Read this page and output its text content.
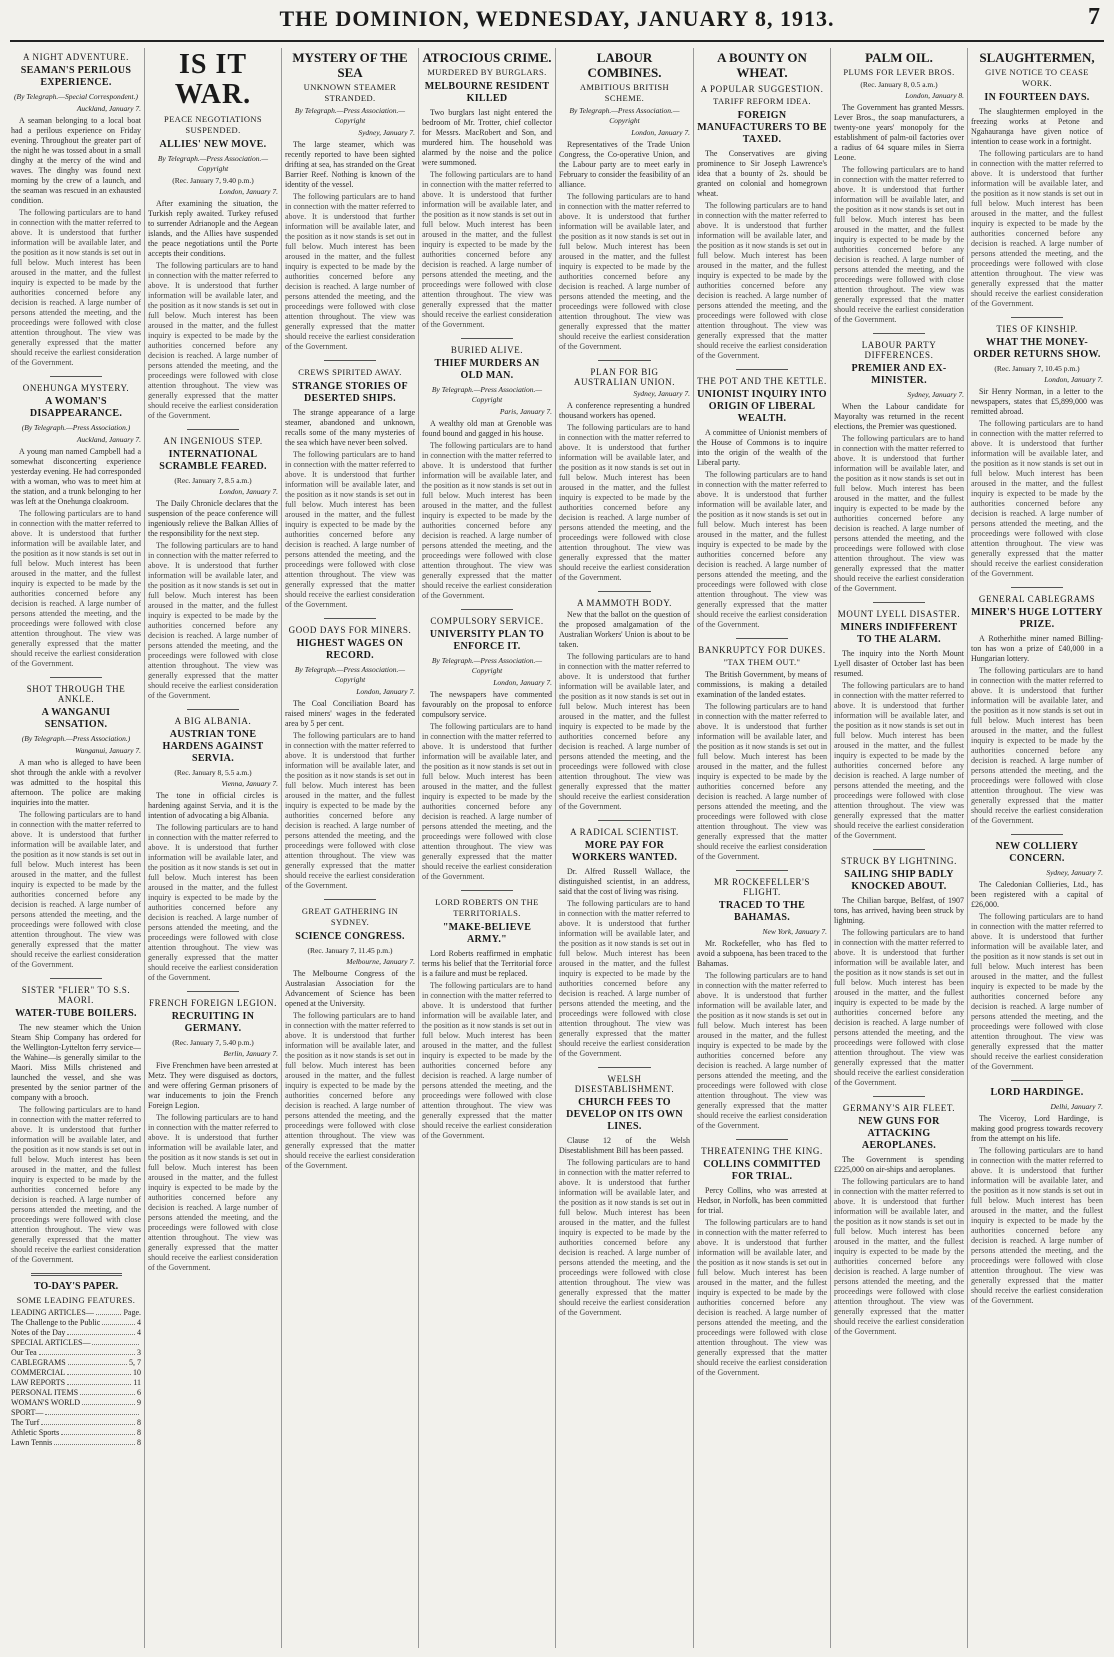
THE DOMINION, WEDNESDAY, JANUARY 8, 1913.	7
A NIGHT ADVENTURE.
SEAMAN'S PERILOUS EXPERIENCE.
(By Telegraph.—Special Correspondent.)
Auckland, January 7.
A seaman belonging to a local boat had a perilous experience on Friday evening. Throughout the greater part of the night he was tossed about in a small dinghy at the mercy of the wind and waves. The dinghy was found next morning by the crew of a launch, and the seaman was rescued in an exhausted condition.
The following particulars are to hand in connection with the matter referred to above. It is understood that further information will be available later, and the position as it now stands is set out in full below. Much interest has been aroused in the matter, and the fullest inquiry is expected to be made by the authorities concerned before any decision is reached. A large number of persons attended the meeting, and the proceedings were followed with close attention throughout. The view was generally expressed that the matter should receive the earliest consideration of the Government.
ONEHUNGA MYSTERY.
A WOMAN'S DISAPPEARANCE.
(By Telegraph.—Press Association.)
Auckland, January 7.
A young man named Campbell had a somewhat disconcerting experience yesterday evening. He had corresponded with a woman, who was to meet him at the station, and a trunk belonging to her was left at the Onehunga cloakroom.
The following particulars are to hand in connection with the matter referred to above. It is understood that further information will be available later, and the position as it now stands is set out in full below. Much interest has been aroused in the matter, and the fullest inquiry is expected to be made by the authorities concerned before any decision is reached. A large number of persons attended the meeting, and the proceedings were followed with close attention throughout. The view was generally expressed that the matter should receive the earliest consideration of the Government.
SHOT THROUGH THE ANKLE.
A WANGANUI SENSATION.
(By Telegraph.—Press Association.)
Wanganui, January 7.
A man who is alleged to have been shot through the ankle with a revolver was admitted to the hospital this afternoon. The police are making inquiries into the matter.
The following particulars are to hand in connection with the matter referred to above. It is understood that further information will be available later, and the position as it now stands is set out in full below. Much interest has been aroused in the matter, and the fullest inquiry is expected to be made by the authorities concerned before any decision is reached. A large number of persons attended the meeting, and the proceedings were followed with close attention throughout. The view was generally expressed that the matter should receive the earliest consideration of the Government.
SISTER "FLIER" TO S.S. MAORI.
WATER-TUBE BOILERS.
The new steamer which the Union Steam Ship Company has ordered for the Wellington-Lyttelton ferry service—the Wahine—is generally similar to the Maori. Miss Mills christened and launched the vessel, and she was presented by the senior partner of the company with a brooch.
The following particulars are to hand in connection with the matter referred to above. It is understood that further information will be available later, and the position as it now stands is set out in full below. Much interest has been aroused in the matter, and the fullest inquiry is expected to be made by the authorities concerned before any decision is reached. A large number of persons attended the meeting, and the proceedings were followed with close attention throughout. The view was generally expressed that the matter should receive the earliest consideration of the Government.
TO-DAY'S PAPER.
SOME LEADING FEATURES.
LEADING ARTICLES—	Page.
The Challenge to the Public	4
Notes of the Day	4
SPECIAL ARTICLES—
Our Tea	3
CABLEGRAMS	5, 7
COMMERCIAL	10
LAW REPORTS	11
PERSONAL ITEMS	6
WOMAN'S WORLD	9
SPORT—
The Turf	8
Athletic Sports	8
Lawn Tennis	8
IS IT WAR.
PEACE NEGOTIATIONS SUSPENDED.
ALLIES' NEW MOVE.
By Telegraph.—Press Association.—Copyright
(Rec. January 7, 9.40 p.m.)
London, January 7.
After examining the situation, the Turkish reply awaited. Turkey refused to surrender Adrianople and the Aegean islands, and the Allies have suspended the peace negotiations until the Porte accepts their conditions.
The following particulars are to hand in connection with the matter referred to above. It is understood that further information will be available later, and the position as it now stands is set out in full below. Much interest has been aroused in the matter, and the fullest inquiry is expected to be made by the authorities concerned before any decision is reached. A large number of persons attended the meeting, and the proceedings were followed with close attention throughout. The view was generally expressed that the matter should receive the earliest consideration of the Government.
AN INGENIOUS STEP.
INTERNATIONAL SCRAMBLE FEARED.
(Rec. January 7, 8.5 a.m.)
London, January 7.
The Daily Chronicle declares that the suspension of the peace conference will ingeniously relieve the Balkan Allies of the responsibility for the next step.
The following particulars are to hand in connection with the matter referred to above. It is understood that further information will be available later, and the position as it now stands is set out in full below. Much interest has been aroused in the matter, and the fullest inquiry is expected to be made by the authorities concerned before any decision is reached. A large number of persons attended the meeting, and the proceedings were followed with close attention throughout. The view was generally expressed that the matter should receive the earliest consideration of the Government.
A BIG ALBANIA.
AUSTRIAN TONE HARDENS AGAINST SERVIA.
(Rec. January 8, 5.5 a.m.)
Vienna, January 7.
The tone in official circles is hardening against Servia, and it is the intention of advocating a big Albania.
The following particulars are to hand in connection with the matter referred to above. It is understood that further information will be available later, and the position as it now stands is set out in full below. Much interest has been aroused in the matter, and the fullest inquiry is expected to be made by the authorities concerned before any decision is reached. A large number of persons attended the meeting, and the proceedings were followed with close attention throughout. The view was generally expressed that the matter should receive the earliest consideration of the Government.
FRENCH FOREIGN LEGION.
RECRUITING IN GERMANY.
(Rec. January 7, 5.40 p.m.)
Berlin, January 7.
Five Frenchmen have been arrested at Metz. They were disguised as doctors, and were offering German prisoners of war inducements to join the French Foreign Legion.
The following particulars are to hand in connection with the matter referred to above. It is understood that further information will be available later, and the position as it now stands is set out in full below. Much interest has been aroused in the matter, and the fullest inquiry is expected to be made by the authorities concerned before any decision is reached. A large number of persons attended the meeting, and the proceedings were followed with close attention throughout. The view was generally expressed that the matter should receive the earliest consideration of the Government.
MYSTERY OF THE SEA
UNKNOWN STEAMER STRANDED.
By Telegraph.—Press Association.—Copyright
Sydney, January 7.
The large steamer, which was recently reported to have been sighted drifting at sea, has stranded on the Great Barrier Reef. Nothing is known of the identity of the vessel.
The following particulars are to hand in connection with the matter referred to above. It is understood that further information will be available later, and the position as it now stands is set out in full below. Much interest has been aroused in the matter, and the fullest inquiry is expected to be made by the authorities concerned before any decision is reached. A large number of persons attended the meeting, and the proceedings were followed with close attention throughout. The view was generally expressed that the matter should receive the earliest consideration of the Government.
CREWS SPIRITED AWAY.
STRANGE STORIES OF DESERTED SHIPS.
The strange appearance of a large steamer, abandoned and unknown, recalls some of the many mysteries of the sea which have never been solved.
The following particulars are to hand in connection with the matter referred to above. It is understood that further information will be available later, and the position as it now stands is set out in full below. Much interest has been aroused in the matter, and the fullest inquiry is expected to be made by the authorities concerned before any decision is reached. A large number of persons attended the meeting, and the proceedings were followed with close attention throughout. The view was generally expressed that the matter should receive the earliest consideration of the Government.
GOOD DAYS FOR MINERS.
HIGHEST WAGES ON RECORD.
By Telegraph.—Press Association.—Copyright
London, January 7.
The Coal Conciliation Board has raised miners' wages in the federated area by 5 per cent.
The following particulars are to hand in connection with the matter referred to above. It is understood that further information will be available later, and the position as it now stands is set out in full below. Much interest has been aroused in the matter, and the fullest inquiry is expected to be made by the authorities concerned before any decision is reached. A large number of persons attended the meeting, and the proceedings were followed with close attention throughout. The view was generally expressed that the matter should receive the earliest consideration of the Government.
GREAT GATHERING IN SYDNEY.
SCIENCE CONGRESS.
(Rec. January 7, 11.45 p.m.)
Melbourne, January 7.
The Melbourne Congress of the Australasian Association for the Advancement of Science has been opened at the University.
The following particulars are to hand in connection with the matter referred to above. It is understood that further information will be available later, and the position as it now stands is set out in full below. Much interest has been aroused in the matter, and the fullest inquiry is expected to be made by the authorities concerned before any decision is reached. A large number of persons attended the meeting, and the proceedings were followed with close attention throughout. The view was generally expressed that the matter should receive the earliest consideration of the Government.
ATROCIOUS CRIME.
MURDERED BY BURGLARS.
MELBOURNE RESIDENT KILLED
Two burglars last night entered the bedroom of Mr. Trotter, chief collector for Messrs. MacRobert and Son, and murdered him. The household was alarmed by the noise and the police were summoned.
The following particulars are to hand in connection with the matter referred to above. It is understood that further information will be available later, and the position as it now stands is set out in full below. Much interest has been aroused in the matter, and the fullest inquiry is expected to be made by the authorities concerned before any decision is reached. A large number of persons attended the meeting, and the proceedings were followed with close attention throughout. The view was generally expressed that the matter should receive the earliest consideration of the Government.
BURIED ALIVE.
THIEF MURDERS AN OLD MAN.
By Telegraph.—Press Association.—Copyright
Paris, January 7.
A wealthy old man at Grenoble was found bound and gagged in his house.
The following particulars are to hand in connection with the matter referred to above. It is understood that further information will be available later, and the position as it now stands is set out in full below. Much interest has been aroused in the matter, and the fullest inquiry is expected to be made by the authorities concerned before any decision is reached. A large number of persons attended the meeting, and the proceedings were followed with close attention throughout. The view was generally expressed that the matter should receive the earliest consideration of the Government.
COMPULSORY SERVICE.
UNIVERSITY PLAN TO ENFORCE IT.
By Telegraph.—Press Association.—Copyright
London, January 7.
The newspapers have commented favourably on the proposal to enforce compulsory service.
The following particulars are to hand in connection with the matter referred to above. It is understood that further information will be available later, and the position as it now stands is set out in full below. Much interest has been aroused in the matter, and the fullest inquiry is expected to be made by the authorities concerned before any decision is reached. A large number of persons attended the meeting, and the proceedings were followed with close attention throughout. The view was generally expressed that the matter should receive the earliest consideration of the Government.
LORD ROBERTS ON THE TERRITORIALS.
"MAKE-BELIEVE ARMY."
Lord Roberts reaffirmed in emphatic terms his belief that the Territorial force is a failure and must be replaced.
The following particulars are to hand in connection with the matter referred to above. It is understood that further information will be available later, and the position as it now stands is set out in full below. Much interest has been aroused in the matter, and the fullest inquiry is expected to be made by the authorities concerned before any decision is reached. A large number of persons attended the meeting, and the proceedings were followed with close attention throughout. The view was generally expressed that the matter should receive the earliest consideration of the Government.
LABOUR COMBINES.
AMBITIOUS BRITISH SCHEME.
By Telegraph.—Press Association.—Copyright
London, January 7.
Representatives of the Trade Union Congress, the Co-operative Union, and the Labour party are to meet early in February to consider the feasibility of an alliance.
The following particulars are to hand in connection with the matter referred to above. It is understood that further information will be available later, and the position as it now stands is set out in full below. Much interest has been aroused in the matter, and the fullest inquiry is expected to be made by the authorities concerned before any decision is reached. A large number of persons attended the meeting, and the proceedings were followed with close attention throughout. The view was generally expressed that the matter should receive the earliest consideration of the Government.
PLAN FOR BIG AUSTRALIAN UNION.
Sydney, January 7.
A conference representing a hundred thousand workers has opened.
The following particulars are to hand in connection with the matter referred to above. It is understood that further information will be available later, and the position as it now stands is set out in full below. Much interest has been aroused in the matter, and the fullest inquiry is expected to be made by the authorities concerned before any decision is reached. A large number of persons attended the meeting, and the proceedings were followed with close attention throughout. The view was generally expressed that the matter should receive the earliest consideration of the Government.
A MAMMOTH BODY.
New that the ballot on the question of the proposed amalgamation of the Australian Workers' Union is about to be taken.
The following particulars are to hand in connection with the matter referred to above. It is understood that further information will be available later, and the position as it now stands is set out in full below. Much interest has been aroused in the matter, and the fullest inquiry is expected to be made by the authorities concerned before any decision is reached. A large number of persons attended the meeting, and the proceedings were followed with close attention throughout. The view was generally expressed that the matter should receive the earliest consideration of the Government.
A RADICAL SCIENTIST.
MORE PAY FOR WORKERS WANTED.
Dr. Alfred Russell Wallace, the distinguished scientist, in an address, said that the cost of living was rising.
The following particulars are to hand in connection with the matter referred to above. It is understood that further information will be available later, and the position as it now stands is set out in full below. Much interest has been aroused in the matter, and the fullest inquiry is expected to be made by the authorities concerned before any decision is reached. A large number of persons attended the meeting, and the proceedings were followed with close attention throughout. The view was generally expressed that the matter should receive the earliest consideration of the Government.
WELSH DISESTABLISHMENT.
CHURCH FEES TO DEVELOP ON ITS OWN LINES.
Clause 12 of the Welsh Disestablishment Bill has been passed.
The following particulars are to hand in connection with the matter referred to above. It is understood that further information will be available later, and the position as it now stands is set out in full below. Much interest has been aroused in the matter, and the fullest inquiry is expected to be made by the authorities concerned before any decision is reached. A large number of persons attended the meeting, and the proceedings were followed with close attention throughout. The view was generally expressed that the matter should receive the earliest consideration of the Government.
A BOUNTY ON WHEAT.
A POPULAR SUGGESTION.
TARIFF REFORM IDEA.
FOREIGN MANUFACTURERS TO BE TAXED.
The Conservatives are giving prominence to Sir Joseph Lawrence's idea that a bounty of 2s. should be granted on colonial and homegrown wheat.
The following particulars are to hand in connection with the matter referred to above. It is understood that further information will be available later, and the position as it now stands is set out in full below. Much interest has been aroused in the matter, and the fullest inquiry is expected to be made by the authorities concerned before any decision is reached. A large number of persons attended the meeting, and the proceedings were followed with close attention throughout. The view was generally expressed that the matter should receive the earliest consideration of the Government.
THE POT AND THE KETTLE.
UNIONIST INQUIRY INTO ORIGIN OF LIBERAL WEALTH.
A committee of Unionist members of the House of Commons is to inquire into the origin of the wealth of the Liberal party.
The following particulars are to hand in connection with the matter referred to above. It is understood that further information will be available later, and the position as it now stands is set out in full below. Much interest has been aroused in the matter, and the fullest inquiry is expected to be made by the authorities concerned before any decision is reached. A large number of persons attended the meeting, and the proceedings were followed with close attention throughout. The view was generally expressed that the matter should receive the earliest consideration of the Government.
BANKRUPTCY FOR DUKES.
"TAX THEM OUT."
The British Government, by means of commissions, is making a detailed examination of the landed estates.
The following particulars are to hand in connection with the matter referred to above. It is understood that further information will be available later, and the position as it now stands is set out in full below. Much interest has been aroused in the matter, and the fullest inquiry is expected to be made by the authorities concerned before any decision is reached. A large number of persons attended the meeting, and the proceedings were followed with close attention throughout. The view was generally expressed that the matter should receive the earliest consideration of the Government.
MR ROCKEFELLER'S FLIGHT.
TRACED TO THE BAHAMAS.
New York, January 7.
Mr. Rockefeller, who has fled to avoid a subpoena, has been traced to the Bahamas.
The following particulars are to hand in connection with the matter referred to above. It is understood that further information will be available later, and the position as it now stands is set out in full below. Much interest has been aroused in the matter, and the fullest inquiry is expected to be made by the authorities concerned before any decision is reached. A large number of persons attended the meeting, and the proceedings were followed with close attention throughout. The view was generally expressed that the matter should receive the earliest consideration of the Government.
THREATENING THE KING.
COLLINS COMMITTED FOR TRIAL.
Percy Collins, who was arrested at Hedsor, in Norfolk, has been committed for trial.
The following particulars are to hand in connection with the matter referred to above. It is understood that further information will be available later, and the position as it now stands is set out in full below. Much interest has been aroused in the matter, and the fullest inquiry is expected to be made by the authorities concerned before any decision is reached. A large number of persons attended the meeting, and the proceedings were followed with close attention throughout. The view was generally expressed that the matter should receive the earliest consideration of the Government.
PALM OIL.
PLUMS FOR LEVER BROS.
(Rec. January 8, 0.5 a.m.)
London, January 8.
The Government has granted Messrs. Lever Bros., the soap manufacturers, a twenty-one years' monopoly for the establishment of palm-oil factories over a radius of 64 square miles in Sierra Leone.
The following particulars are to hand in connection with the matter referred to above. It is understood that further information will be available later, and the position as it now stands is set out in full below. Much interest has been aroused in the matter, and the fullest inquiry is expected to be made by the authorities concerned before any decision is reached. A large number of persons attended the meeting, and the proceedings were followed with close attention throughout. The view was generally expressed that the matter should receive the earliest consideration of the Government.
LABOUR PARTY DIFFERENCES.
PREMIER AND EX-MINISTER.
Sydney, January 7.
When the Labour candidate for Mayoralty was returned in the recent elections, the Premier was questioned.
The following particulars are to hand in connection with the matter referred to above. It is understood that further information will be available later, and the position as it now stands is set out in full below. Much interest has been aroused in the matter, and the fullest inquiry is expected to be made by the authorities concerned before any decision is reached. A large number of persons attended the meeting, and the proceedings were followed with close attention throughout. The view was generally expressed that the matter should receive the earliest consideration of the Government.
MOUNT LYELL DISASTER.
MINERS INDIFFERENT TO THE ALARM.
The inquiry into the North Mount Lyell disaster of October last has been resumed.
The following particulars are to hand in connection with the matter referred to above. It is understood that further information will be available later, and the position as it now stands is set out in full below. Much interest has been aroused in the matter, and the fullest inquiry is expected to be made by the authorities concerned before any decision is reached. A large number of persons attended the meeting, and the proceedings were followed with close attention throughout. The view was generally expressed that the matter should receive the earliest consideration of the Government.
STRUCK BY LIGHTNING.
SAILING SHIP BADLY KNOCKED ABOUT.
The Chilian barque, Belfast, of 1907 tons, has arrived, having been struck by lightning.
The following particulars are to hand in connection with the matter referred to above. It is understood that further information will be available later, and the position as it now stands is set out in full below. Much interest has been aroused in the matter, and the fullest inquiry is expected to be made by the authorities concerned before any decision is reached. A large number of persons attended the meeting, and the proceedings were followed with close attention throughout. The view was generally expressed that the matter should receive the earliest consideration of the Government.
GERMANY'S AIR FLEET.
NEW GUNS FOR ATTACKING AEROPLANES.
The Government is spending £225,000 on air-ships and aeroplanes.
The following particulars are to hand in connection with the matter referred to above. It is understood that further information will be available later, and the position as it now stands is set out in full below. Much interest has been aroused in the matter, and the fullest inquiry is expected to be made by the authorities concerned before any decision is reached. A large number of persons attended the meeting, and the proceedings were followed with close attention throughout. The view was generally expressed that the matter should receive the earliest consideration of the Government.
SLAUGHTERMEN,
GIVE NOTICE TO CEASE WORK.
IN FOURTEEN DAYS.
The slaughtermen employed in the freezing works at Petone and Ngahauranga have given notice of intention to cease work in a fortnight.
The following particulars are to hand in connection with the matter referred to above. It is understood that further information will be available later, and the position as it now stands is set out in full below. Much interest has been aroused in the matter, and the fullest inquiry is expected to be made by the authorities concerned before any decision is reached. A large number of persons attended the meeting, and the proceedings were followed with close attention throughout. The view was generally expressed that the matter should receive the earliest consideration of the Government.
TIES OF KINSHIP.
WHAT THE MONEY-ORDER RETURNS SHOW.
(Rec. January 7, 10.45 p.m.)
London, January 7.
Sir Henry Norman, in a letter to the newspapers, states that £5,899,000 was remitted abroad.
The following particulars are to hand in connection with the matter referred to above. It is understood that further information will be available later, and the position as it now stands is set out in full below. Much interest has been aroused in the matter, and the fullest inquiry is expected to be made by the authorities concerned before any decision is reached. A large number of persons attended the meeting, and the proceedings were followed with close attention throughout. The view was generally expressed that the matter should receive the earliest consideration of the Government.
GENERAL CABLEGRAMS
MINER'S HUGE LOTTERY PRIZE.
A Rotherhithe miner named Billing-ton has won a prize of £40,000 in a Hungarian lottery.
The following particulars are to hand in connection with the matter referred to above. It is understood that further information will be available later, and the position as it now stands is set out in full below. Much interest has been aroused in the matter, and the fullest inquiry is expected to be made by the authorities concerned before any decision is reached. A large number of persons attended the meeting, and the proceedings were followed with close attention throughout. The view was generally expressed that the matter should receive the earliest consideration of the Government.
NEW COLLIERY CONCERN.
Sydney, January 7.
The Caledonian Collieries, Ltd., has been registered with a capital of £26,000.
The following particulars are to hand in connection with the matter referred to above. It is understood that further information will be available later, and the position as it now stands is set out in full below. Much interest has been aroused in the matter, and the fullest inquiry is expected to be made by the authorities concerned before any decision is reached. A large number of persons attended the meeting, and the proceedings were followed with close attention throughout. The view was generally expressed that the matter should receive the earliest consideration of the Government.
LORD HARDINGE.
Delhi, January 7.
The Viceroy, Lord Hardinge, is making good progress towards recovery from the attempt on his life.
The following particulars are to hand in connection with the matter referred to above. It is understood that further information will be available later, and the position as it now stands is set out in full below. Much interest has been aroused in the matter, and the fullest inquiry is expected to be made by the authorities concerned before any decision is reached. A large number of persons attended the meeting, and the proceedings were followed with close attention throughout. The view was generally expressed that the matter should receive the earliest consideration of the Government.
